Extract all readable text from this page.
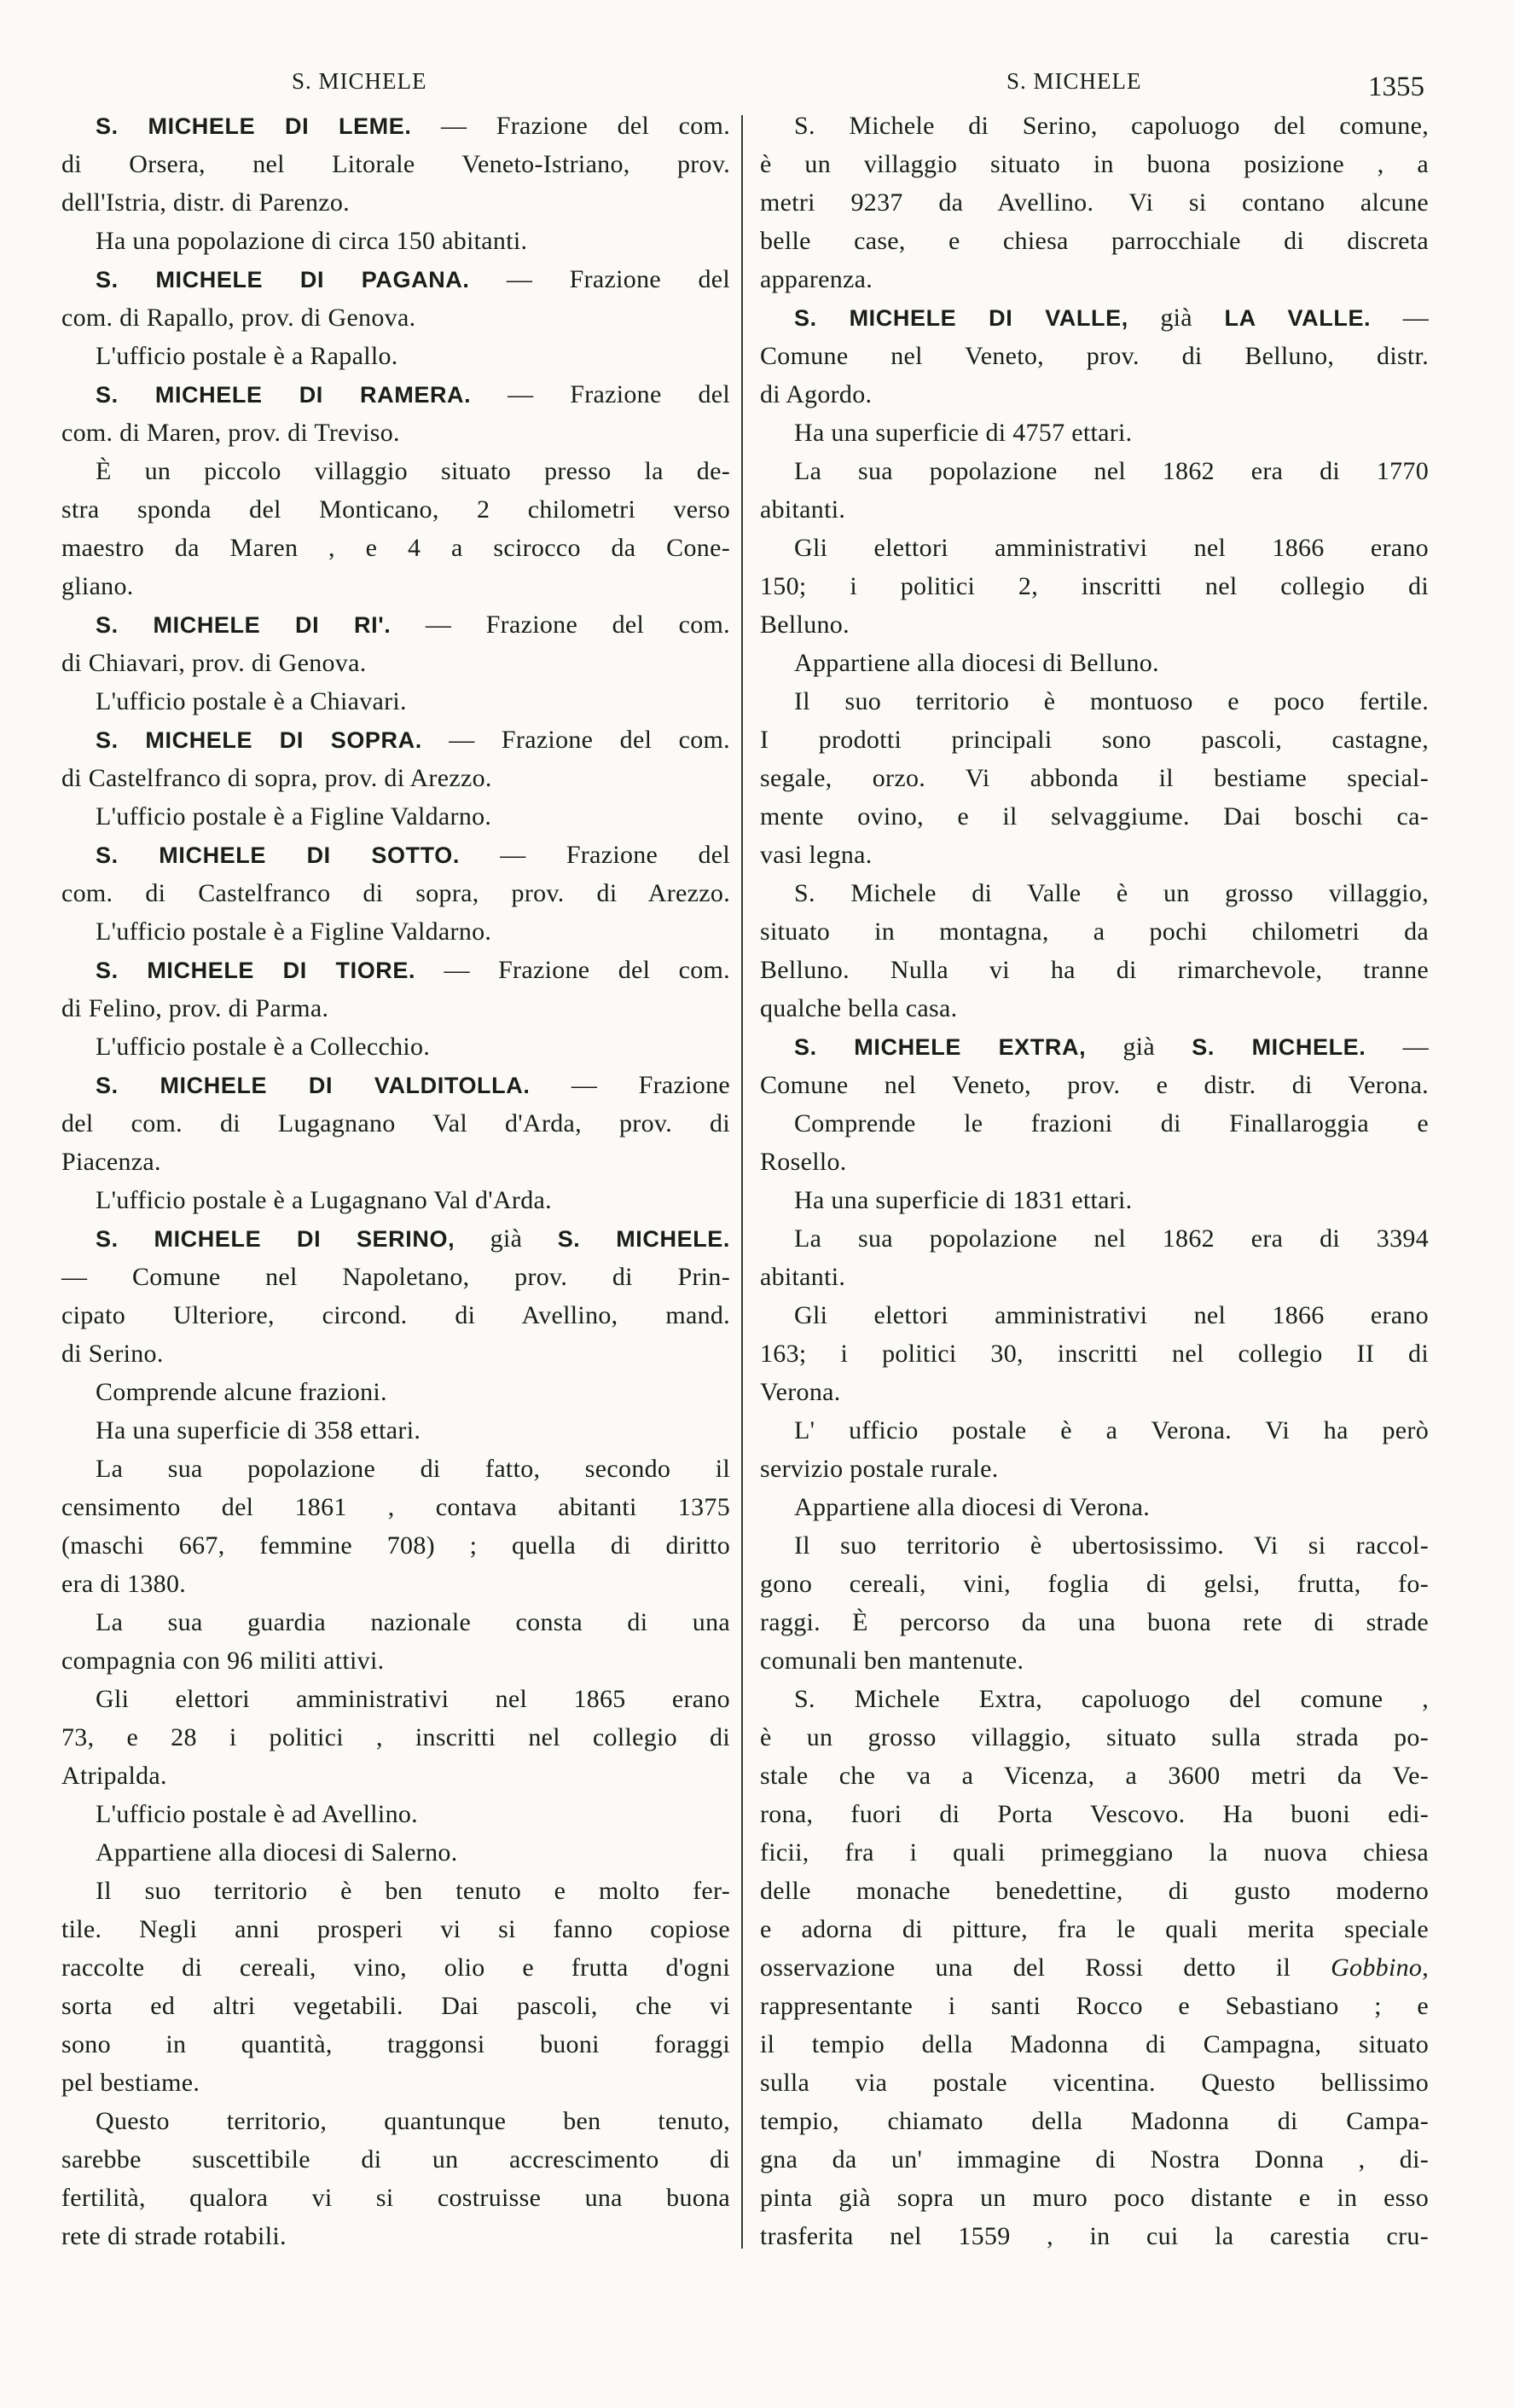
S. MICHELE	S. MICHELE	1355
S. MICHELE DI LEME. — Frazione del com.
di Orsera, nel Litorale Veneto-Istriano, prov.
dell'Istria, distr. di Parenzo.
Ha una popolazione di circa 150 abitanti.
S. MICHELE DI PAGANA. — Frazione del
com. di Rapallo, prov. di Genova.
L'ufficio postale è a Rapallo.
S. MICHELE DI RAMERA. — Frazione del
com. di Maren, prov. di Treviso.
È un piccolo villaggio situato presso la de-
stra sponda del Monticano, 2 chilometri verso
maestro da Maren , e 4 a scirocco da Cone-
gliano.
S. MICHELE DI RI'. — Frazione del com.
di Chiavari, prov. di Genova.
L'ufficio postale è a Chiavari.
S. MICHELE DI SOPRA. — Frazione del com.
di Castelfranco di sopra, prov. di Arezzo.
L'ufficio postale è a Figline Valdarno.
S. MICHELE DI SOTTO. — Frazione del
com. di Castelfranco di sopra, prov. di Arezzo.
L'ufficio postale è a Figline Valdarno.
S. MICHELE DI TIORE. — Frazione del com.
di Felino, prov. di Parma.
L'ufficio postale è a Collecchio.
S. MICHELE DI VALDITOLLA. — Frazione
del com. di Lugagnano Val d'Arda, prov. di
Piacenza.
L'ufficio postale è a Lugagnano Val d'Arda.
S. MICHELE DI SERINO, già S. MICHELE.
— Comune nel Napoletano, prov. di Prin-
cipato Ulteriore, circond. di Avellino, mand.
di Serino.
Comprende alcune frazioni.
Ha una superficie di 358 ettari.
La sua popolazione di fatto, secondo il
censimento del 1861 , contava abitanti 1375
(maschi 667, femmine 708) ; quella di diritto
era di 1380.
La sua guardia nazionale consta di una
compagnia con 96 militi attivi.
Gli elettori amministrativi nel 1865 erano
73, e 28 i politici , inscritti nel collegio di
Atripalda.
L'ufficio postale è ad Avellino.
Appartiene alla diocesi di Salerno.
Il suo territorio è ben tenuto e molto fer-
tile. Negli anni prosperi vi si fanno copiose
raccolte di cereali, vino, olio e frutta d'ogni
sorta ed altri vegetabili. Dai pascoli, che vi
sono in quantità, traggonsi buoni foraggi
pel bestiame.
Questo territorio, quantunque ben tenuto,
sarebbe suscettibile di un accrescimento di
fertilità, qualora vi si costruisse una buona
rete di strade rotabili.
S. Michele di Serino, capoluogo del comune,
è un villaggio situato in buona posizione , a
metri 9237 da Avellino. Vi si contano alcune
belle case, e chiesa parrocchiale di discreta
apparenza.
S. MICHELE DI VALLE, già LA VALLE. —
Comune nel Veneto, prov. di Belluno, distr.
di Agordo.
Ha una superficie di 4757 ettari.
La sua popolazione nel 1862 era di 1770
abitanti.
Gli elettori amministrativi nel 1866 erano
150; i politici 2, inscritti nel collegio di
Belluno.
Appartiene alla diocesi di Belluno.
Il suo territorio è montuoso e poco fertile.
I prodotti principali sono pascoli, castagne,
segale, orzo. Vi abbonda il bestiame special-
mente ovino, e il selvaggiume. Dai boschi ca-
vasi legna.
S. Michele di Valle è un grosso villaggio,
situato in montagna, a pochi chilometri da
Belluno. Nulla vi ha di rimarchevole, tranne
qualche bella casa.
S. MICHELE EXTRA, già S. MICHELE. —
Comune nel Veneto, prov. e distr. di Verona.
Comprende le frazioni di Finallaroggia e
Rosello.
Ha una superficie di 1831 ettari.
La sua popolazione nel 1862 era di 3394
abitanti.
Gli elettori amministrativi nel 1866 erano
163; i politici 30, inscritti nel collegio II di
Verona.
L' ufficio postale è a Verona. Vi ha però
servizio postale rurale.
Appartiene alla diocesi di Verona.
Il suo territorio è ubertosissimo. Vi si raccol-
gono cereali, vini, foglia di gelsi, frutta, fo-
raggi. È percorso da una buona rete di strade
comunali ben mantenute.
S. Michele Extra, capoluogo del comune ,
è un grosso villaggio, situato sulla strada po-
stale che va a Vicenza, a 3600 metri da Ve-
rona, fuori di Porta Vescovo. Ha buoni edi-
ficii, fra i quali primeggiano la nuova chiesa
delle monache benedettine, di gusto moderno
e adorna di pitture, fra le quali merita speciale
osservazione una del Rossi detto il Gobbino,
rappresentante i santi Rocco e Sebastiano ; e
il tempio della Madonna di Campagna, situato
sulla via postale vicentina. Questo bellissimo
tempio, chiamato della Madonna di Campa-
gna da un' immagine di Nostra Donna , di-
pinta già sopra un muro poco distante e in esso
trasferita nel 1559 , in cui la carestia cru-
